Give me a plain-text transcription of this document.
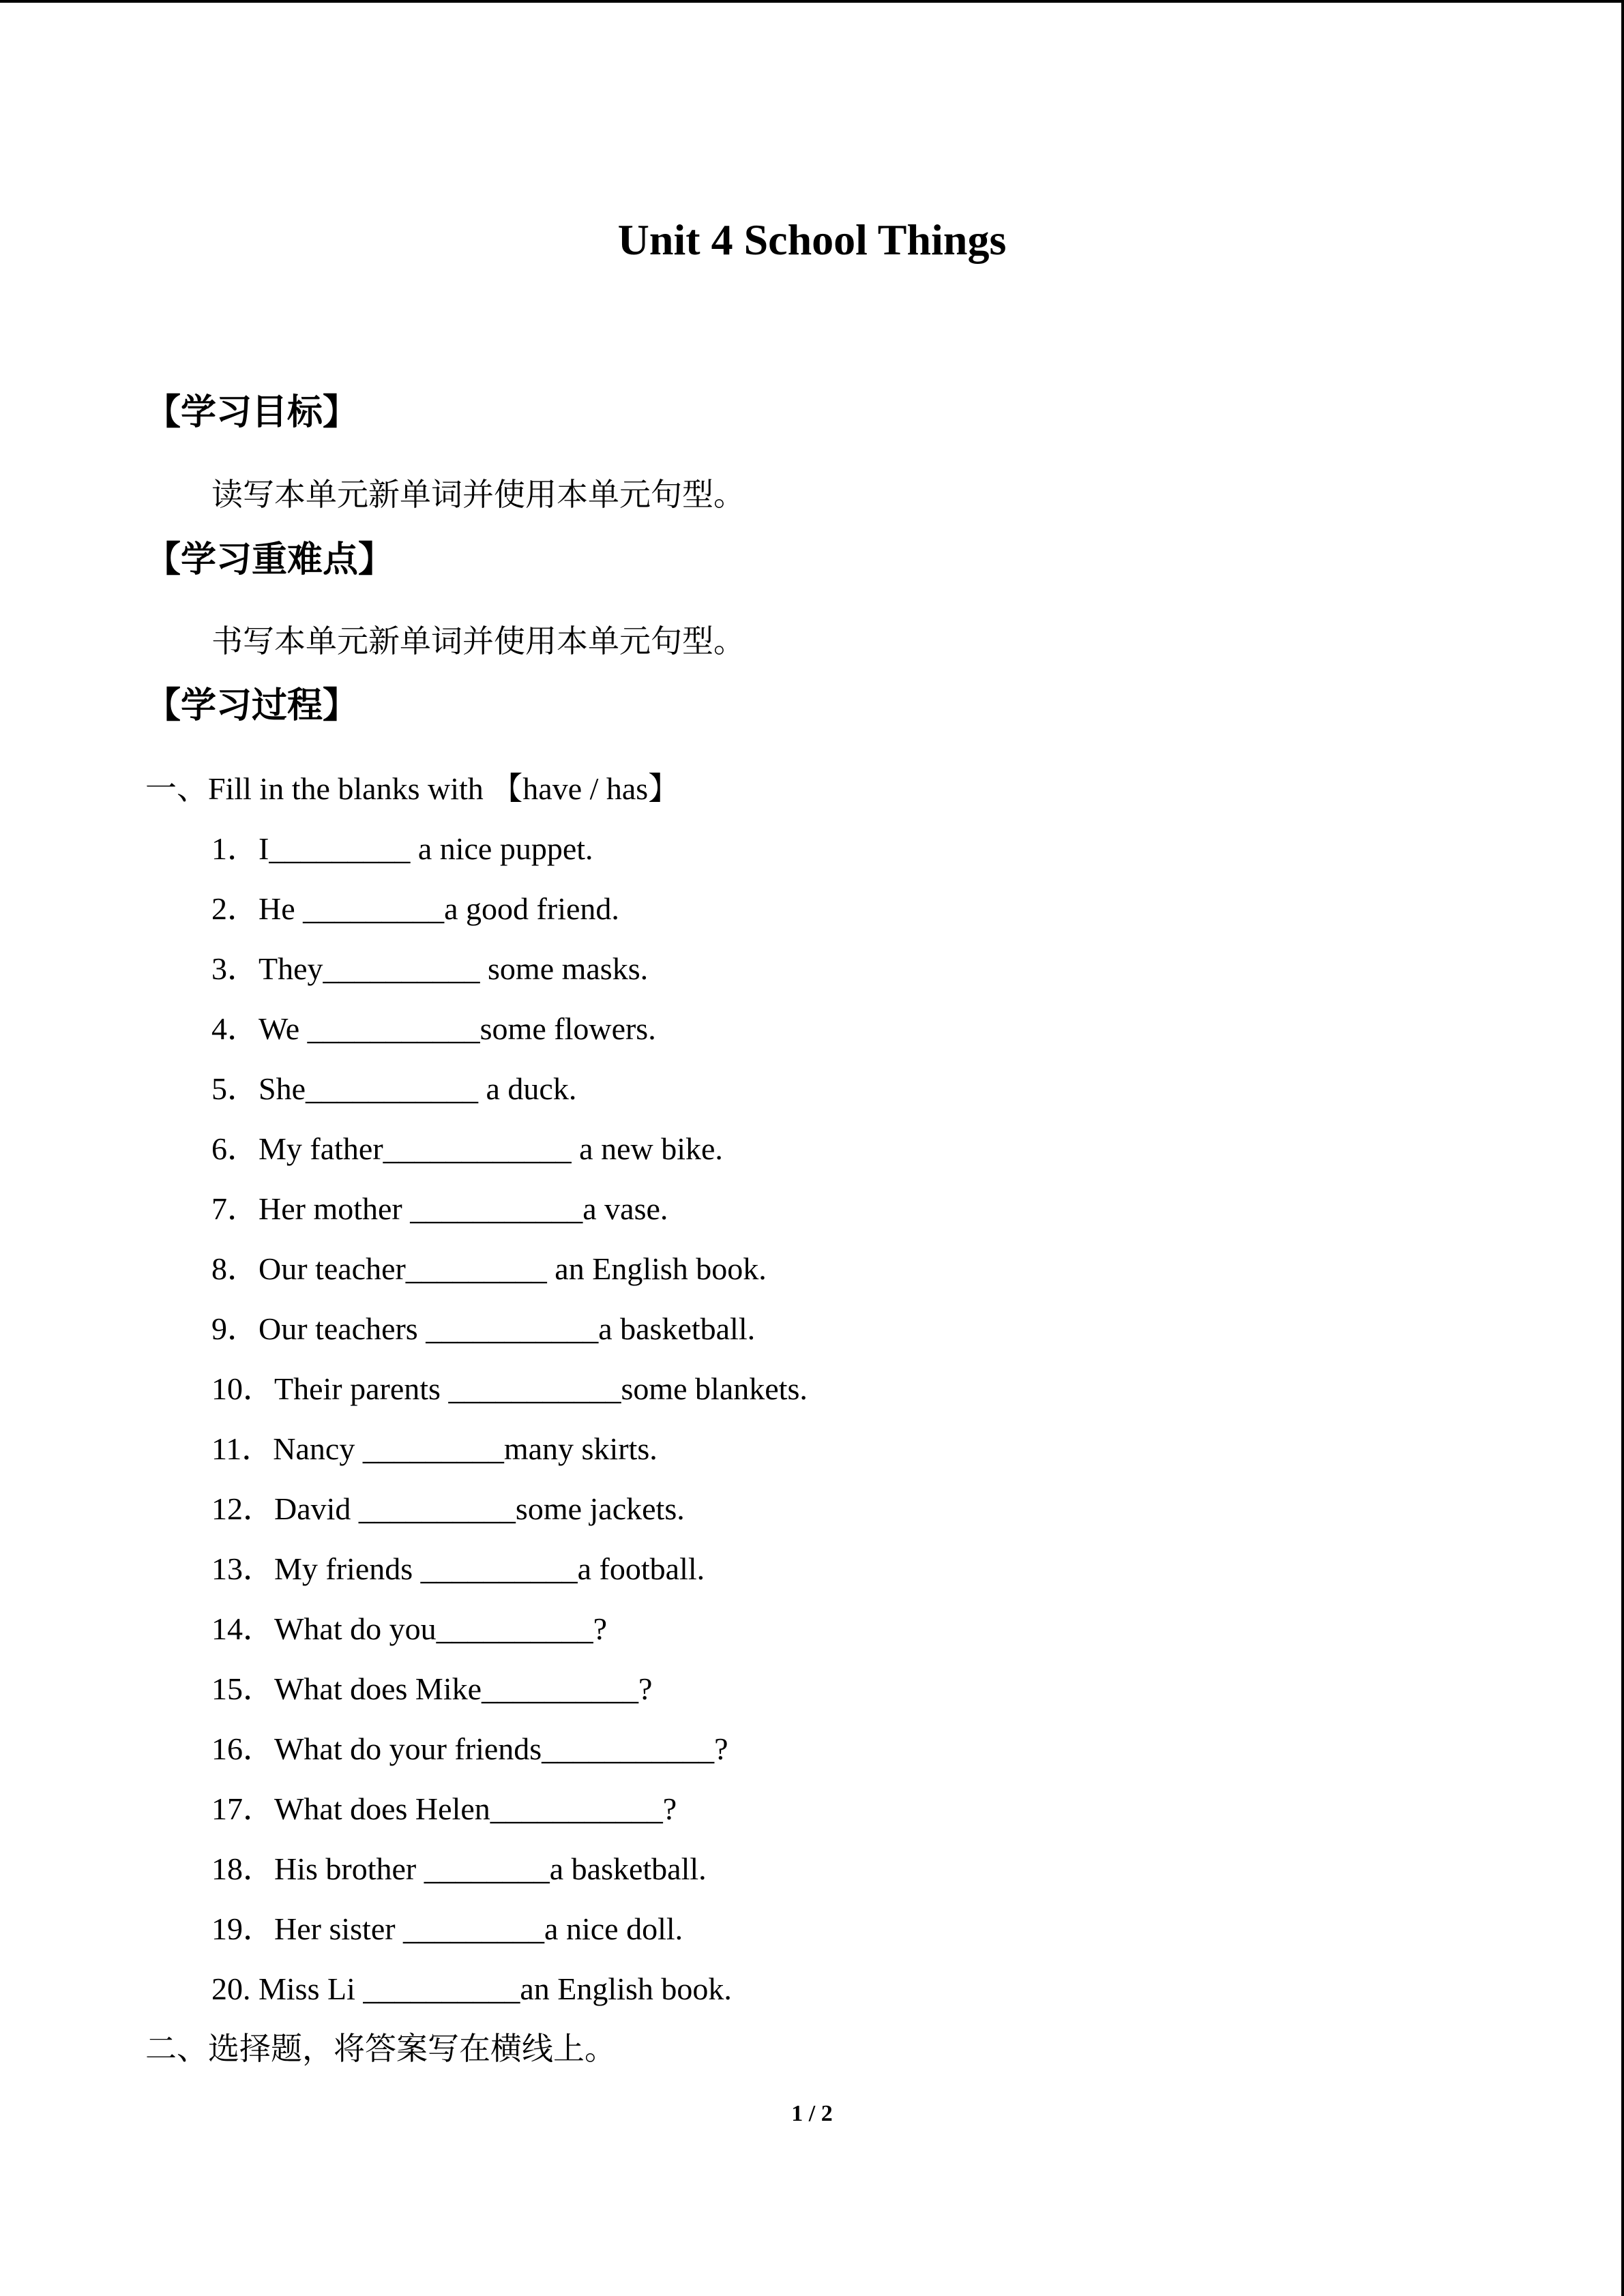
Unit 4 School Things
【学习目标】
读写本单元新单词并使用本单元句型。
【学习重难点】
书写本单元新单词并使用本单元句型。
【学习过程】
一、Fill in the blanks with 【have / has】
1．I_________ a nice puppet.
2．He _________a good friend.
3．They__________ some masks.
4．We ___________some flowers.
5．She___________ a duck.
6．My father____________ a new bike.
7．Her mother ___________a vase.
8．Our teacher_________ an English book.
9．Our teachers ___________a basketball.
10．Their parents ___________some blankets.
11．Nancy _________many skirts.
12．David __________some jackets.
13．My friends __________a football.
14．What do you__________?
15．What does Mike__________?
16．What do your friends___________?
17．What does Helen___________?
18．His brother ________a basketball.
19．Her sister _________a nice doll.
20. Miss Li __________an English book.
二、选择题，将答案写在横线上。
1 / 2
